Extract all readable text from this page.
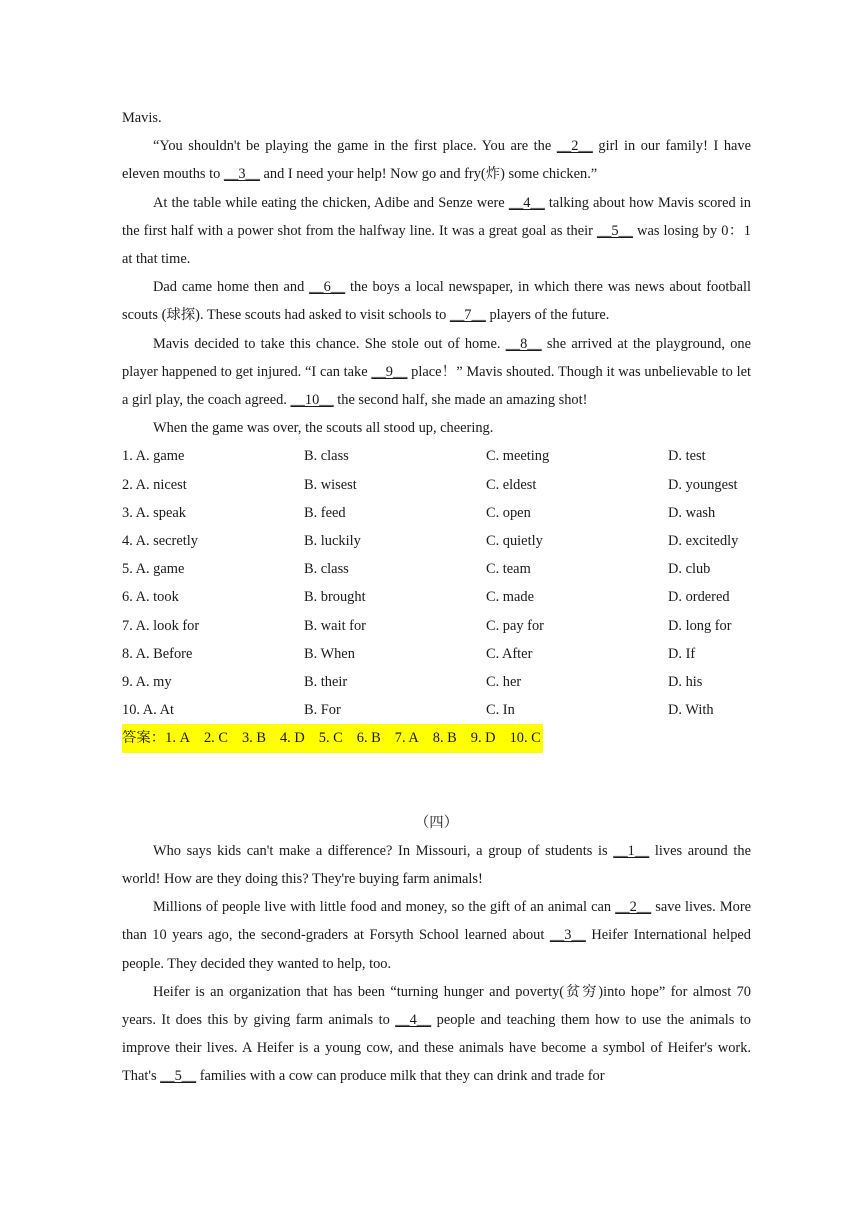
Mavis.

“You shouldn't be playing the game in the first place. You are the __2__ girl in our family! I have eleven mouths to __3__ and I need your help! Now go and fry(炸) some chicken.”

At the table while eating the chicken, Adibe and Senze were __4__ talking about how Mavis scored in the first half with a power shot from the halfway line. It was a great goal as their __5__ was losing by 0：1 at that time.

Dad came home then and __6__ the boys a local newspaper, in which there was news about football scouts (球探). These scouts had asked to visit schools to __7__ players of the future.

Mavis decided to take this chance. She stole out of home. __8__ she arrived at the playground, one player happened to get injured. “I can take __9__ place！” Mavis shouted. Though it was unbelievable to let a girl play, the coach agreed. __10__ the second half, she made an amazing shot!

When the game was over, the scouts all stood up, cheering.

1. A. game	B. class	C. meeting	D. test
2. A. nicest	B. wisest	C. eldest	D. youngest
3. A. speak	B. feed	C. open	D. wash
4. A. secretly	B. luckily	C. quietly	D. excitedly
5. A. game	B. class	C. team	D. club
6. A. took	B. brought	C. made	D. ordered
7. A. look for	B. wait for	C. pay for	D. long for
8. A. Before	B. When	C. After	D. If
9. A. my	B. their	C. her	D. his
10. A. At	B. For	C. In	D. With
答案：1. A 2. C 3. B 4. D 5. C 6. B 7. A 8. B 9. D 10. C

（四）

Who says kids can't make a difference? In Missouri, a group of students is __1__ lives around the world! How are they doing this? They're buying farm animals!

Millions of people live with little food and money, so the gift of an animal can __2__ save lives. More than 10 years ago, the second-graders at Forsyth School learned about __3__ Heifer International helped people. They decided they wanted to help, too.

Heifer is an organization that has been “turning hunger and poverty(贫穷)into hope” for almost 70 years. It does this by giving farm animals to __4__ people and teaching them how to use the animals to improve their lives. A Heifer is a young cow, and these animals have become a symbol of Heifer's work. That's __5__ families with a cow can produce milk that they can drink and trade for
